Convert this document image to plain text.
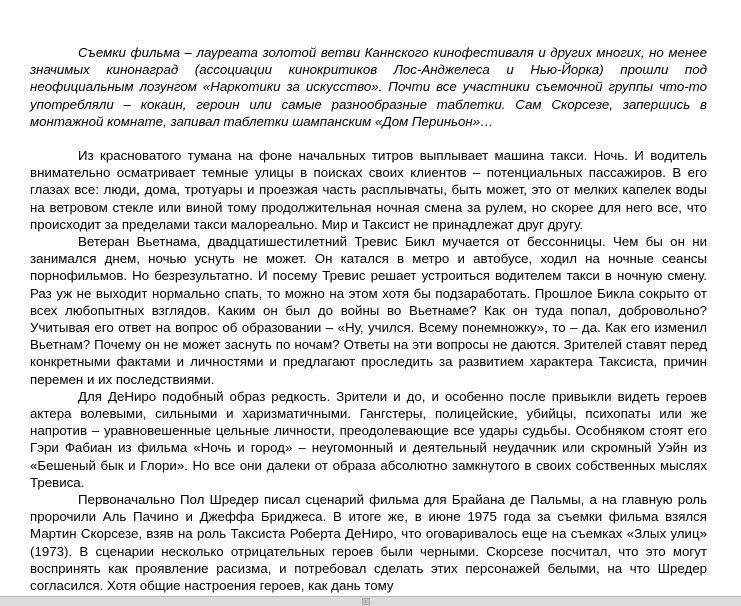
Съемки фильма – лауреата золотой ветви Каннского кинофестиваля и других многих, но менее значимых кинонаград (ассоциации кинокритиков Лос-Анджелеса и Нью-Йорка) прошли под неофициальным лозунгом «Наркотики за искусство». Почти все участники съемочной группы что-то употребляли – кокаин, героин или самые разнообразные таблетки. Сам Скорсезе, запершись в монтажной комнате, запивал таблетки шампанским «Дом Периньон»…

Из красноватого тумана на фоне начальных титров выплывает машина такси. Ночь. И водитель внимательно осматривает темные улицы в поисках своих клиентов – потенциальных пассажиров. В его глазах все: люди, дома, тротуары и проезжая часть расплывчаты, быть может, это от мелких капелек воды на ветровом стекле или виной тому продолжительная ночная смена за рулем, но скорее для него все, что происходит за пределами такси малореально. Мир и Таксист не принадлежат друг другу.

Ветеран Вьетнама, двадцатишестилетний Тревис Бикл мучается от бессонницы. Чем бы он ни занимался днем, ночью уснуть не может. Он катался в метро и автобусе, ходил на ночные сеансы порнофильмов. Но безрезультатно. И посему Тревис решает устроиться водителем такси в ночную смену. Раз уж не выходит нормально спать, то можно на этом хотя бы подзаработать. Прошлое Бикла сокрыто от всех любопытных взглядов. Каким он был до войны во Вьетнаме? Как он туда попал, добровольно? Учитывая его ответ на вопрос об образовании – «Ну, учился. Всему понемножку», то – да. Как его изменил Вьетнам? Почему он не может заснуть по ночам? Ответы на эти вопросы не даются. Зрителей ставят перед конкретными фактами и личностями и предлагают проследить за развитием характера Таксиста, причин перемен и их последствиями.

Для ДеНиро подобный образ редкость. Зрители и до, и особенно после привыкли видеть героев актера волевыми, сильными и харизматичными. Гангстеры, полицейские, убийцы, психопаты или же напротив – уравновешенные цельные личности, преодолевающие все удары судьбы. Особняком стоят его Гэри Фабиан из фильма «Ночь и город» – неугомонный и деятельный неудачник или скромный Уэйн из «Бешеный бык и Глори». Но все они далеки от образа абсолютно замкнутого в своих собственных мыслях Тревиса.

Первоначально Пол Шредер писал сценарий фильма для Брайана де Пальмы, а на главную роль пророчили Аль Пачино и Джеффа Бриджеса. В итоге же, в июне 1975 года за съемки фильма взялся Мартин Скорсезе, взяв на роль Таксиста Роберта ДеНиро, что оговаривалось еще на съемках «Злых улиц» (1973). В сценарии несколько отрицательных героев были черными. Скорсезе посчитал, что это могут воспринять как проявление расизма, и потребовал сделать этих персонажей белыми, на что Шредер согласился. Хотя общие настроения героев, как дань тому
